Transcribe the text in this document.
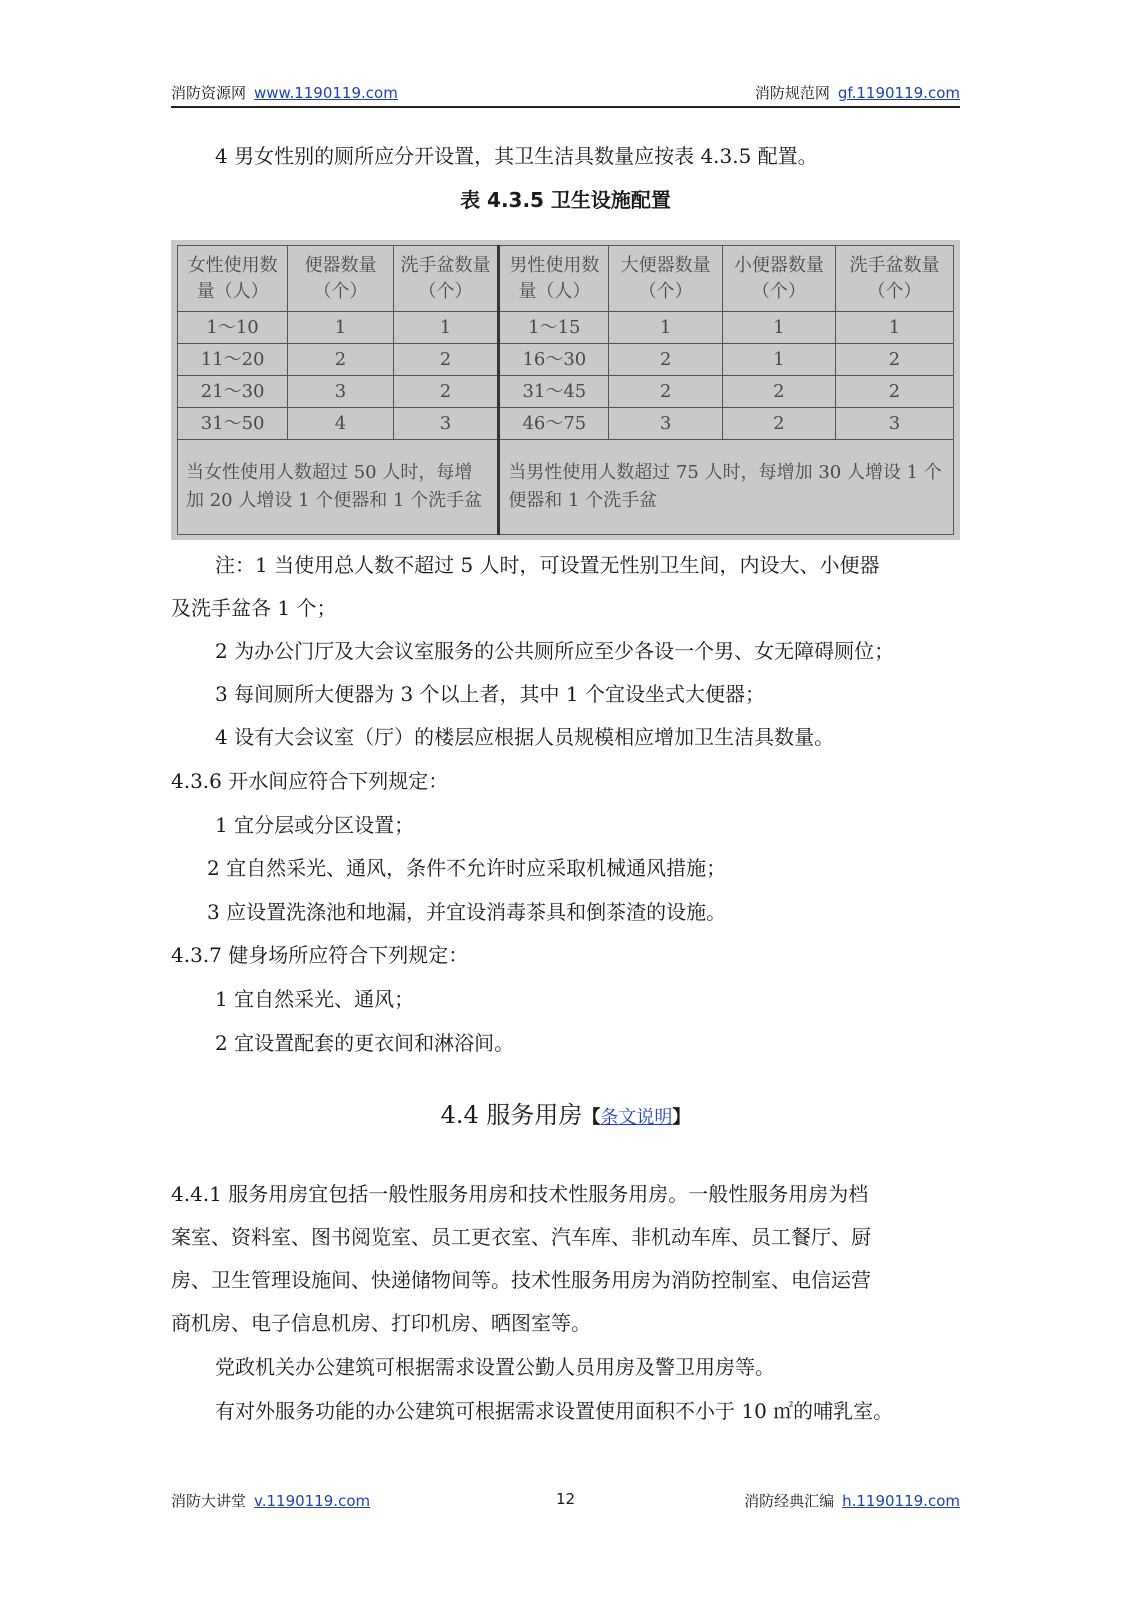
消防资源网 www.1190119.com	消防规范网 gf.1190119.com
4 男女性别的厕所应分开设置，其卫生洁具数量应按表 4.3.5 配置。
表 4.3.5 卫生设施配置
女性使用数量（人）	便器数量（个）	洗手盆数量（个）	男性使用数量（人）	大便器数量（个）	小便器数量（个）	洗手盆数量（个）
1～10	1	1	1～15	1	1	1
11～20	2	2	16～30	2	1	2
21～30	3	2	31～45	2	2	2
31～50	4	3	46～75	3	2	3
当女性使用人数超过 50 人时，每增加 20 人增设 1 个便器和 1 个洗手盆			当男性使用人数超过 75 人时，每增加 30 人增设 1 个便器和 1 个洗手盆			
注：1 当使用总人数不超过 5 人时，可设置无性别卫生间，内设大、小便器
及洗手盆各 1 个；
2 为办公门厅及大会议室服务的公共厕所应至少各设一个男、女无障碍厕位；
3 每间厕所大便器为 3 个以上者，其中 1 个宜设坐式大便器；
4 设有大会议室（厅）的楼层应根据人员规模相应增加卫生洁具数量。
4.3.6 开水间应符合下列规定：
1 宜分层或分区设置；
2 宜自然采光、通风，条件不允许时应采取机械通风措施；
3 应设置洗涤池和地漏，并宜设消毒茶具和倒茶渣的设施。
4.3.7 健身场所应符合下列规定：
1 宜自然采光、通风；
2 宜设置配套的更衣间和淋浴间。
4.4 服务用房【条文说明】
4.4.1 服务用房宜包括一般性服务用房和技术性服务用房。一般性服务用房为档
案室、资料室、图书阅览室、员工更衣室、汽车库、非机动车库、员工餐厅、厨
房、卫生管理设施间、快递储物间等。技术性服务用房为消防控制室、电信运营
商机房、电子信息机房、打印机房、晒图室等。
党政机关办公建筑可根据需求设置公勤人员用房及警卫用房等。
有对外服务功能的办公建筑可根据需求设置使用面积不小于 10 ㎡的哺乳室。
消防大讲堂 v.1190119.com	12	消防经典汇编 h.1190119.com
